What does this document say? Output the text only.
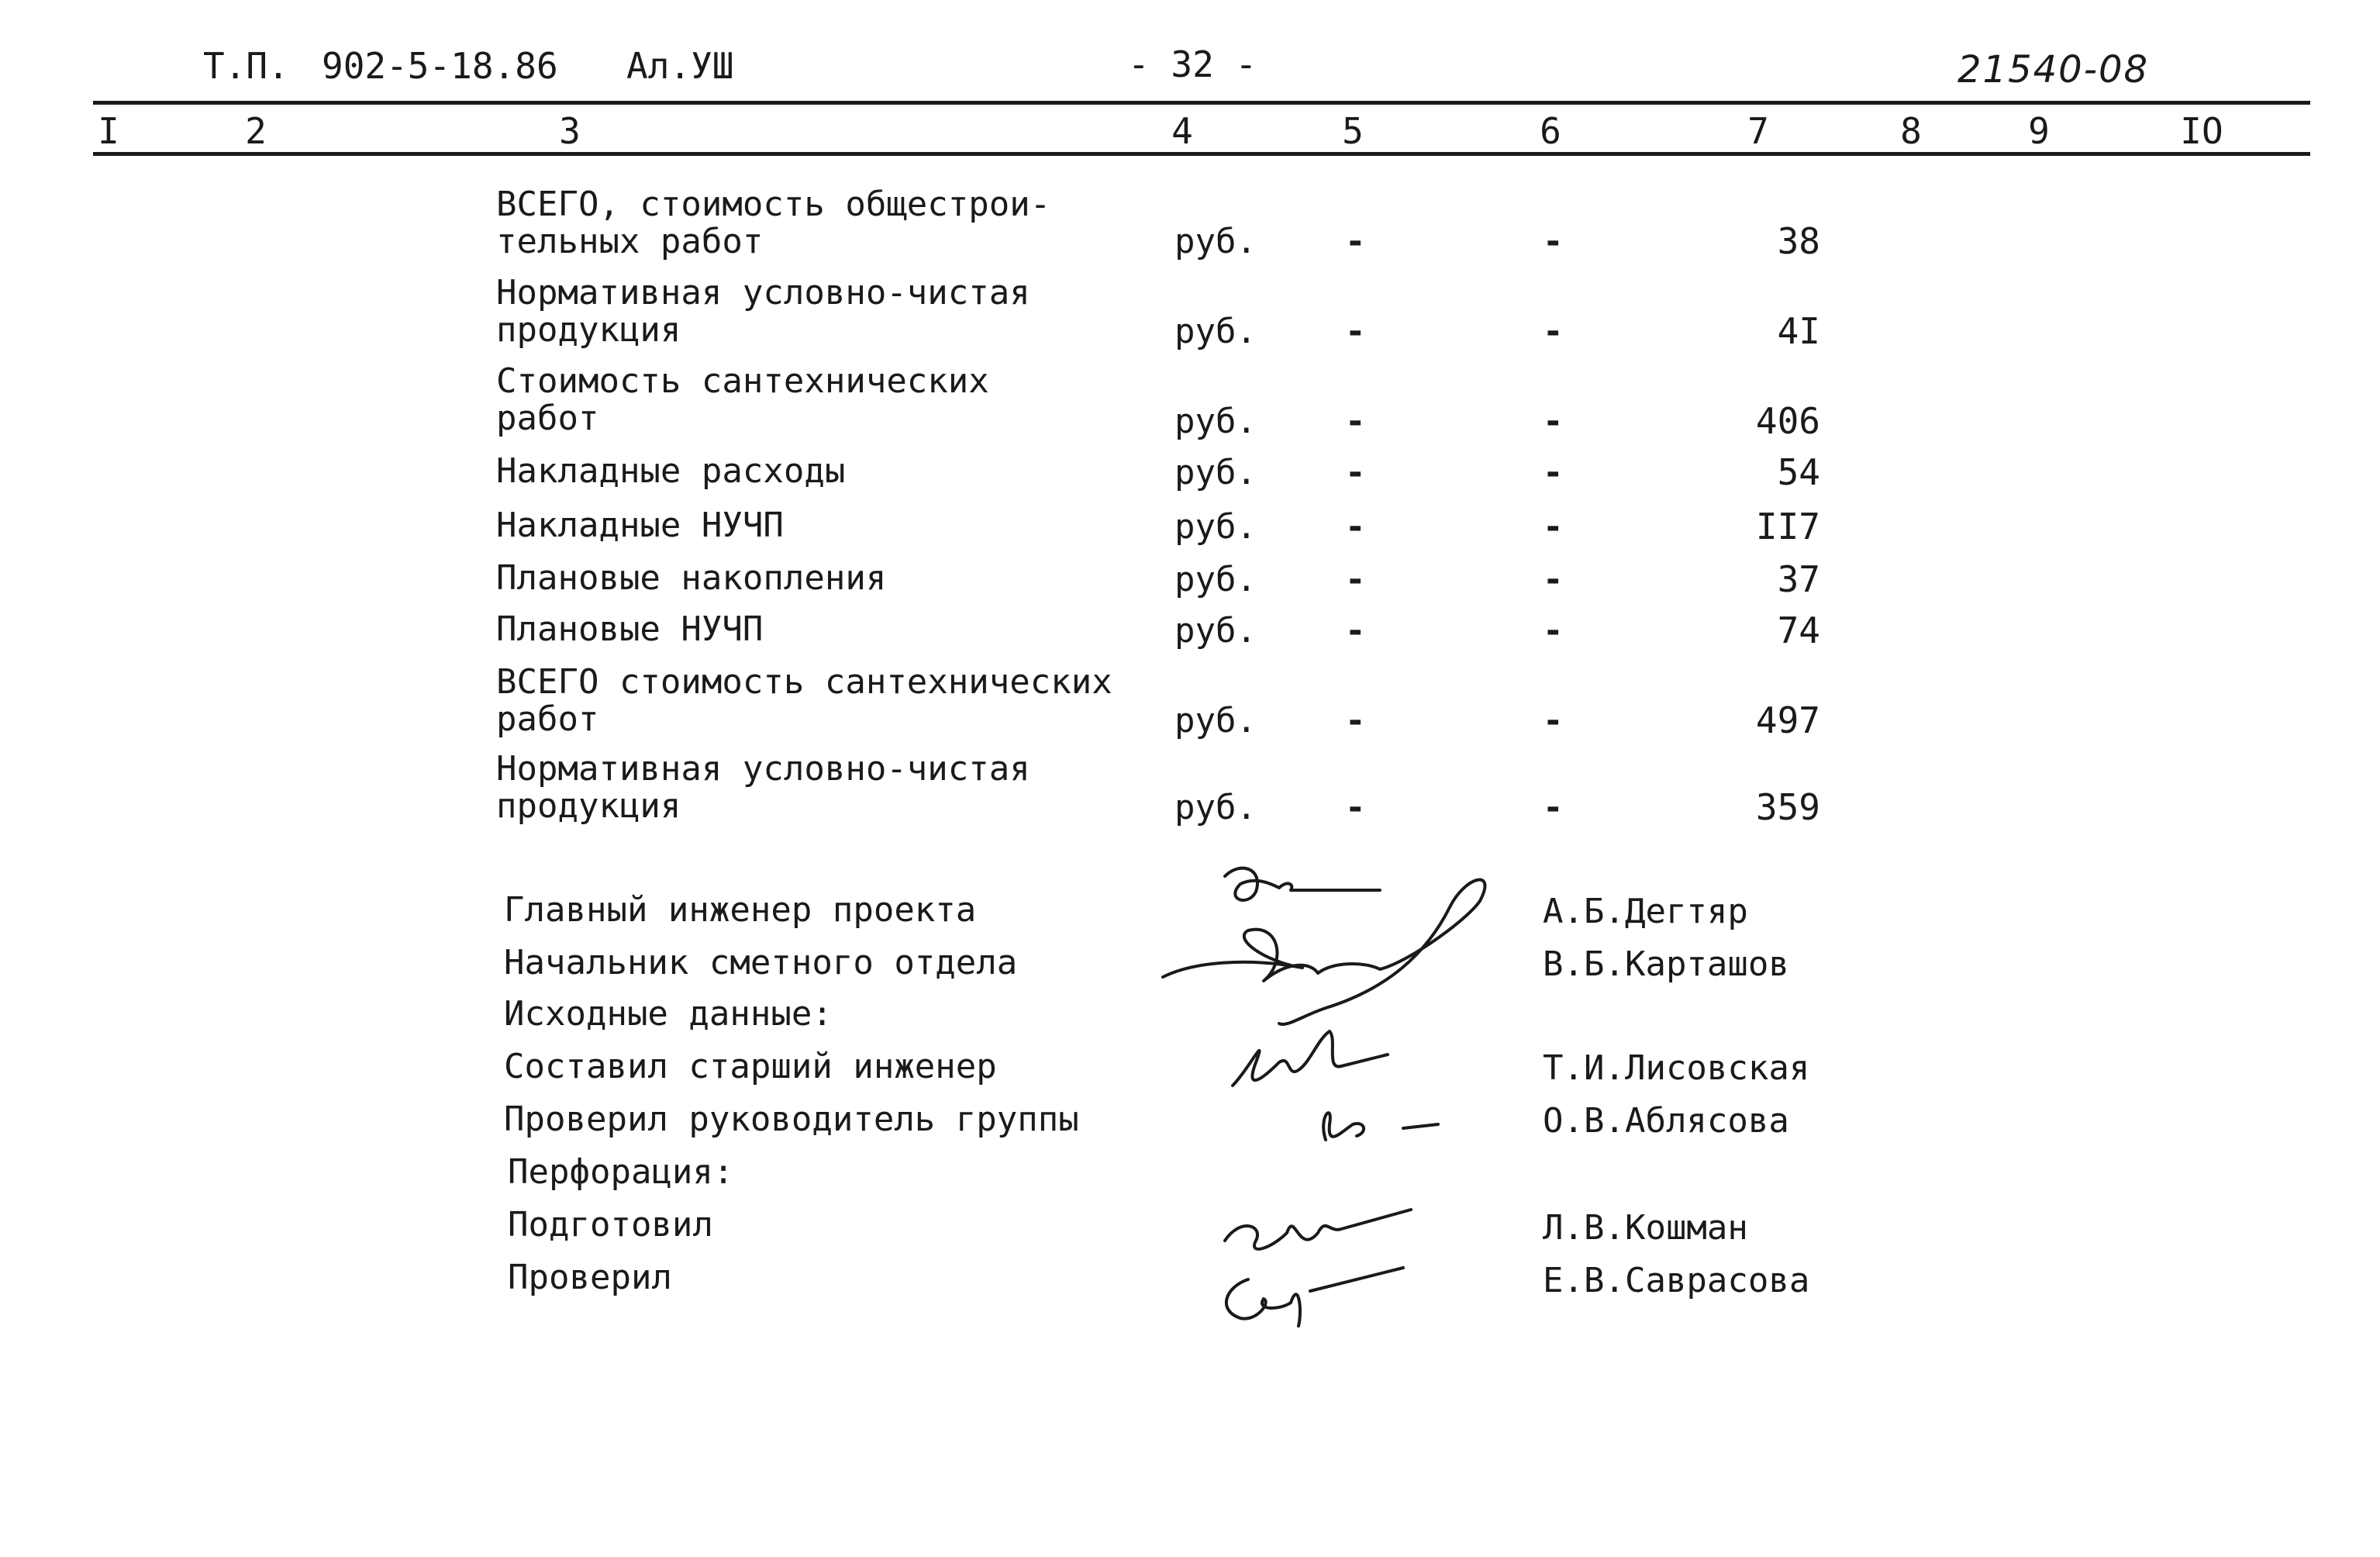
Т.П. 902-5-18.86 Ал.УШ	- 32 -	21540-08
I	2	3	4	5	6	7	8	9	IO
ВСЕГО, стоимость общестрои-
тельных работ	руб.	-	-	38
Нормативная условно-чистая
продукция	руб.	-	-	4I
Стоимость сантехнических
работ	руб.	-	-	406
Накладные расходы	руб.	-	-	54
Накладные НУЧП	руб.	-	-	II7
Плановые накопления	руб.	-	-	37
Плановые НУЧП	руб.	-	-	74
ВСЕГО стоимость сантехнических
работ	руб.	-	-	497
Нормативная условно-чистая
продукция	руб.	-	-	359
Главный инженер проекта	А.Б.Дегтяр
Начальник сметного отдела	В.Б.Карташов
Исходные данные:
Составил старший инженер	Т.И.Лисовская
Проверил руководитель группы	О.В.Аблясова
Перфорация:
Подготовил	Л.В.Кошман
Проверил	Е.В.Саврасова
